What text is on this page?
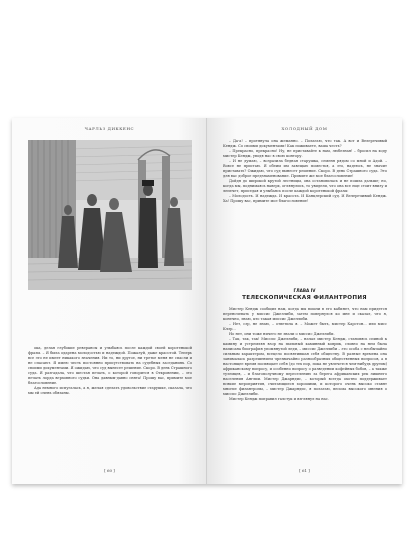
ЧАРЛЬЗ ДИККЕНС

ока, делая глубокие реверансы и улыбаясь после каждой своей коротенькой фразы. – Я была одарена молодостью и надеждой. Пожалуй, даже красотой. Теперь все это не имеет никакого значения. Ни то, ни другое, ни третье меня не спасли и не спасают. Я имею честь постоянно присутствовать на судебных заседаниях. Со своими документами. Я ожидаю, что суд вынесет решение. Скоро. В день Страшного суда. Я разгадала, что шестая печать, о которой говорится в Откровении, – это печать лорда верховного судьи. Она давным-давно снята! Прошу вас, примите мое благословение.

Ада немного испугалась, а я, желая сделать удовольствие старушке, сказала, что мы ей очень обязаны.

[ 60 ]
ХОЛОДНЫЙ ДОМ

– Да-а! – протянула она жеманно. – Полагаю, что так. А вот и Велеречивый Кендж. Со своими документами! Как поживаете, ваша честь?

– Прекрасно, прекрасно! Ну, не приставайте к нам, любезная! – бросил на ходу мистер Кендж, уводя нас в свою контору.

– И не думаю, – возразила бедная старушка, семеня рядом со мной и Адой. – Вовсе не пристаю. Я обеим им завещаю поместья, а это, надеюсь, не значит приставать? Ожидаю, что суд вынесет решение. Скоро. В день Страшного суда. Это для вас доброе предзнаменование. Примите же мое благословение!

Дойдя до широкой крутой лестницы, она остановилась и не пошла дальше; но, когда мы, поднимаясь наверх, оглянулись, то увидели, что она все еще стоит внизу и лепечет, приседая и улыбаясь после каждой коротенькой фразы:

– Молодость. И надежда. И красота. И Канцлерский суд. И Велеречивый Кендж. Ха! Прошу вас, примите мое благословение!

ГЛАВА IV
ТЕЛЕСКОПИЧЕСКАЯ ФИЛАНТРОПИЯ

Мистер Кендж сообщил нам, когда мы вошли в его кабинет, что нам придется переночевать у миссис Джеллиби, затем повернулся ко мне и сказал, что я, конечно, знаю, кто такая миссис Джеллиби.

– Нет, сэр, не знаю, – ответила я. – Может быть, мистер Карстон... или мисс Клэр...

Но нет, они тоже ничего не знали о миссис Джеллиби.

– Так, так, так! Миссис Джеллиби, – начал мистер Кендж, становясь спиной к камину и устремляя взор на пыльный каминный коврик, словно на нем была написана биография упомянутой леди, – миссис Джеллиби – это особа с необычайно сильным характером, всецело посвятившая себя обществу. В разные времена она занималась разрешением чрезвычайно разнообразных общественных вопросов, а в настоящее время посвящает себя (до тех пор, пока не увлечется чем-нибудь другим) африканскому вопросу, и особенно вопросу о разведении кофейных бобов, – а также туземцев, – и благополучному переселению за берега африканских рек лишнего населения Англии. Мистер Джарндис, – который всегда охотно поддерживает всякие мероприятия, считающиеся хорошими, и которого очень высоко ставят многие филантропы, – мистер Джарндис, я полагаю, весьма высокого мнения о миссис Джеллиби.

Мистер Кендж поправил галстук и взглянул на нас.

[ 61 ]
